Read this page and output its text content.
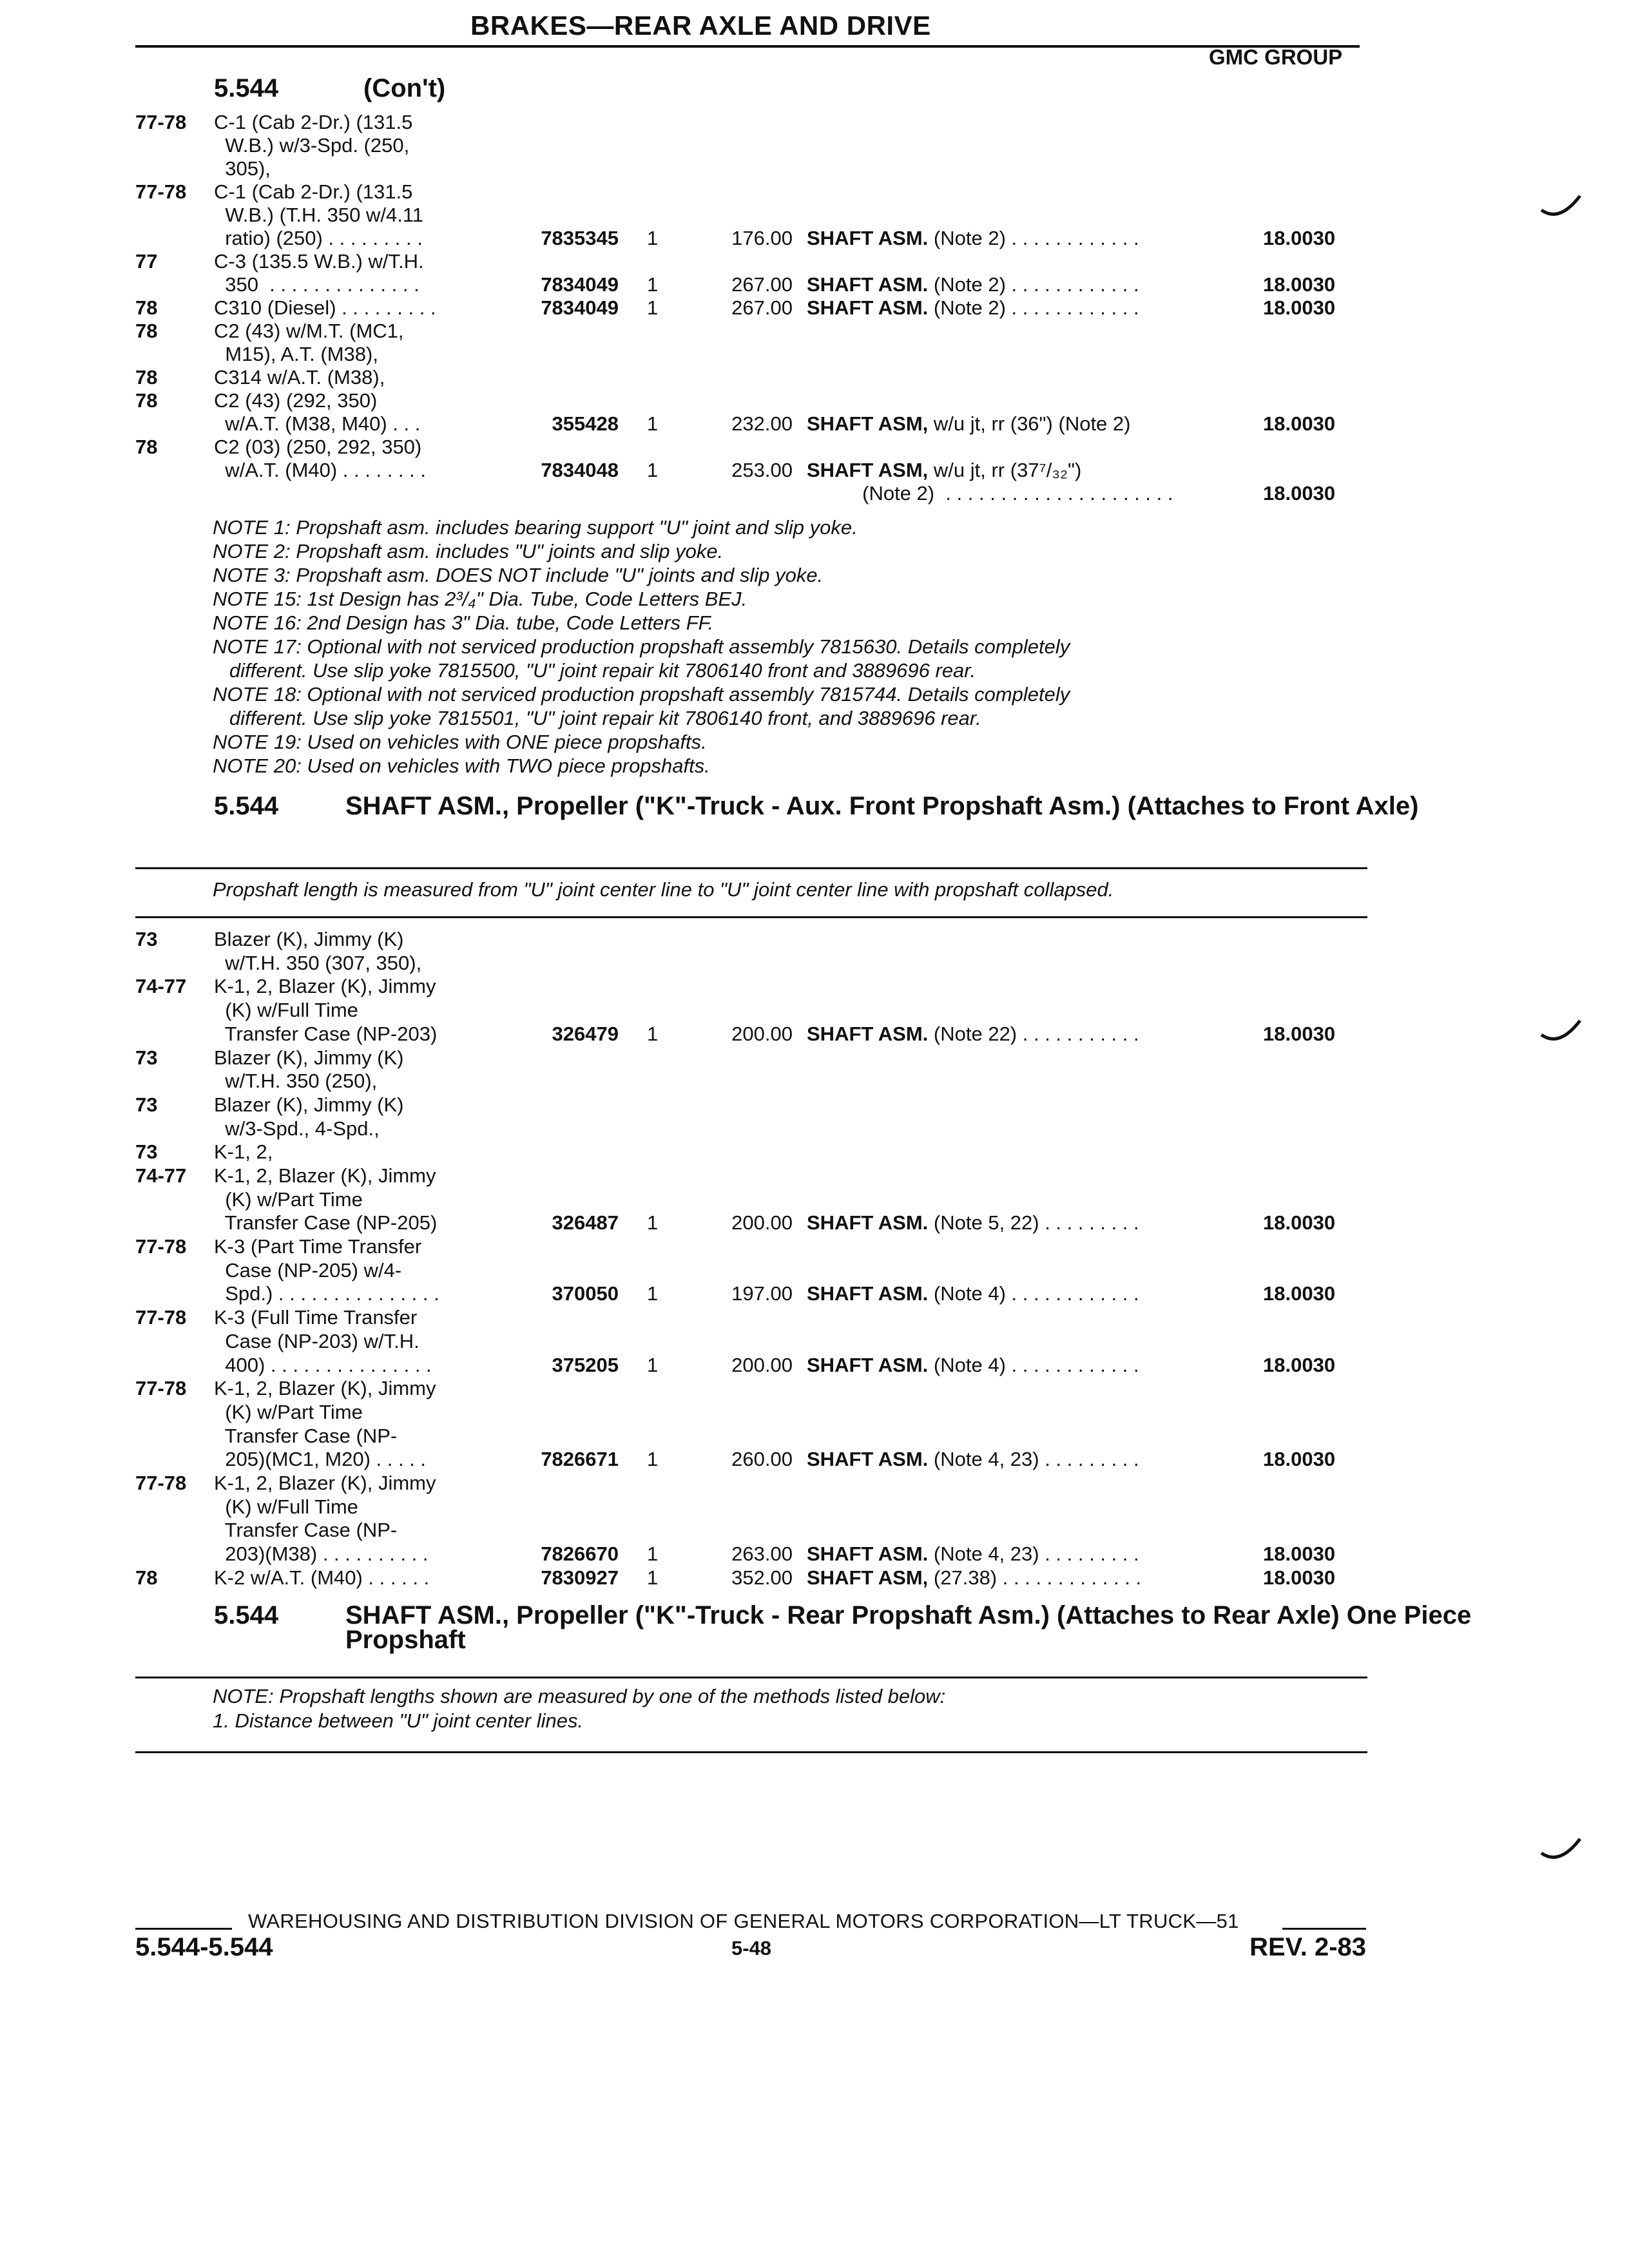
BRAKES—REAR AXLE AND DRIVE
GMC GROUP
5.544	(Con't)
77-78 C-1 (Cab 2-Dr.) (131.5
W.B.) w/3-Spd. (250,
305),
77-78 C-1 (Cab 2-Dr.) (131.5
W.B.) (T.H. 350 w/4.11
ratio) (250) . . . . . . . . .	7835345 1	176.00 SHAFT ASM. (Note 2) . . . . . . . . . . . .	18.0030
77	C-3 (135.5 W.B.) w/T.H.
350  . . . . . . . . . . . . . .	7834049 1	267.00 SHAFT ASM. (Note 2) . . . . . . . . . . . .	18.0030
78	C310 (Diesel) . . . . . . . . .	7834049 1	267.00 SHAFT ASM. (Note 2) . . . . . . . . . . . .	18.0030
78	C2 (43) w/M.T. (MC1,
M15), A.T. (M38),
78	C314 w/A.T. (M38),
78	C2 (43) (292, 350)
w/A.T. (M38, M40) . . .	355428 1	232.00 SHAFT ASM, w/u jt, rr (36") (Note 2)	18.0030
78	C2 (03) (250, 292, 350)
w/A.T. (M40) . . . . . . . .	7834048 1	253.00 SHAFT ASM, w/u jt, rr (37⁷/₃₂")
(Note 2)  . . . . . . . . . . . . . . . . . . . . .	18.0030
NOTE 1: Propshaft asm. includes bearing support "U" joint and slip yoke.
NOTE 2: Propshaft asm. includes "U" joints and slip yoke.
NOTE 3: Propshaft asm. DOES NOT include "U" joints and slip yoke.
NOTE 15: 1st Design has 2³/₄" Dia. Tube, Code Letters BEJ.
NOTE 16: 2nd Design has 3" Dia. tube, Code Letters FF.
NOTE 17: Optional with not serviced production propshaft assembly 7815630. Details completely
different. Use slip yoke 7815500, "U" joint repair kit 7806140 front and 3889696 rear.
NOTE 18: Optional with not serviced production propshaft assembly 7815744. Details completely
different. Use slip yoke 7815501, "U" joint repair kit 7806140 front, and 3889696 rear.
NOTE 19: Used on vehicles with ONE piece propshafts.
NOTE 20: Used on vehicles with TWO piece propshafts.
5.544	SHAFT ASM., Propeller ("K"-Truck - Aux. Front Propshaft Asm.) (Attaches to Front Axle)
Propshaft length is measured from "U" joint center line to "U" joint center line with propshaft collapsed.
73	Blazer (K), Jimmy (K)
w/T.H. 350 (307, 350),
74-77 K-1, 2, Blazer (K), Jimmy
(K) w/Full Time
Transfer Case (NP-203)	326479 1	200.00 SHAFT ASM. (Note 22) . . . . . . . . . . .	18.0030
73	Blazer (K), Jimmy (K)
w/T.H. 350 (250),
73	Blazer (K), Jimmy (K)
w/3-Spd., 4-Spd.,
73	K-1, 2,
74-77 K-1, 2, Blazer (K), Jimmy
(K) w/Part Time
Transfer Case (NP-205)	326487 1	200.00 SHAFT ASM. (Note 5, 22) . . . . . . . . .	18.0030
77-78 K-3 (Part Time Transfer
Case (NP-205) w/4-
Spd.) . . . . . . . . . . . . . . .	370050 1	197.00 SHAFT ASM. (Note 4) . . . . . . . . . . . .	18.0030
77-78 K-3 (Full Time Transfer
Case (NP-203) w/T.H.
400) . . . . . . . . . . . . . . .	375205 1	200.00 SHAFT ASM. (Note 4) . . . . . . . . . . . .	18.0030
77-78 K-1, 2, Blazer (K), Jimmy
(K) w/Part Time
Transfer Case (NP-
205)(MC1, M20) . . . . .	7826671 1	260.00 SHAFT ASM. (Note 4, 23) . . . . . . . . .	18.0030
77-78 K-1, 2, Blazer (K), Jimmy
(K) w/Full Time
Transfer Case (NP-
203)(M38) . . . . . . . . . .	7826670 1	263.00 SHAFT ASM. (Note 4, 23) . . . . . . . . .	18.0030
78	K-2 w/A.T. (M40) . . . . . .	7830927 1	352.00 SHAFT ASM, (27.38) . . . . . . . . . . . . .	18.0030
5.544	SHAFT ASM., Propeller ("K"-Truck - Rear Propshaft Asm.) (Attaches to Rear Axle) One Piece Propshaft
NOTE: Propshaft lengths shown are measured by one of the methods listed below:
1. Distance between "U" joint center lines.
WAREHOUSING AND DISTRIBUTION DIVISION OF GENERAL MOTORS CORPORATION—LT TRUCK—51
5.544-5.544	5-48	REV. 2-83
